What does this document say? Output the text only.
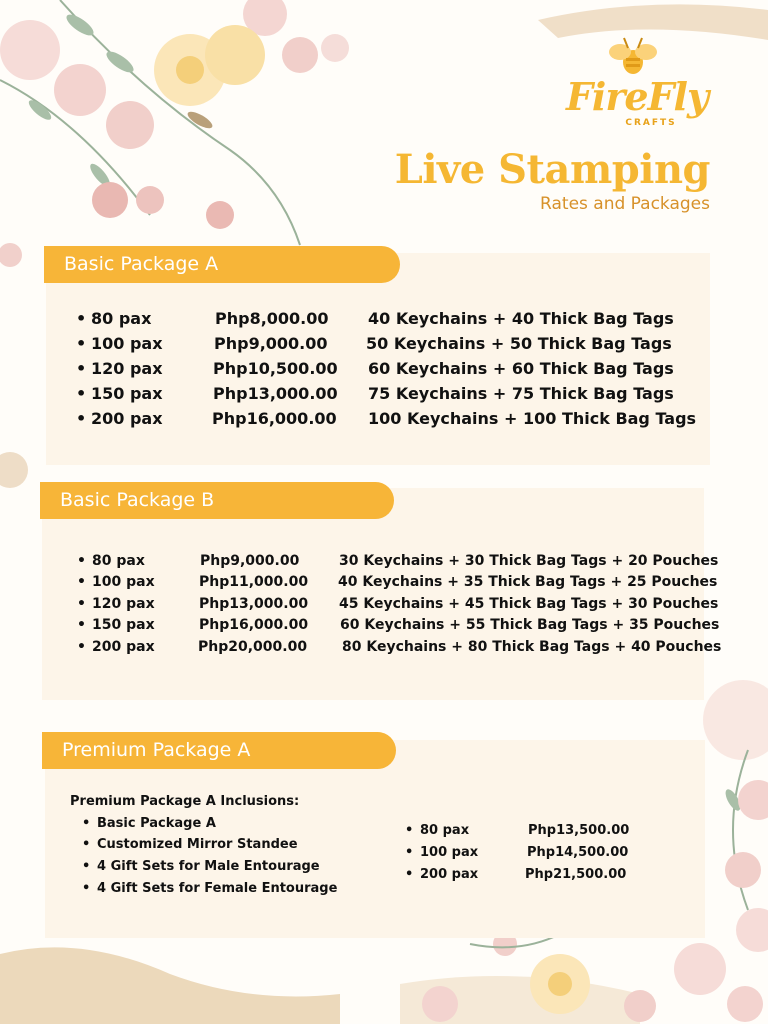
FireFly
CRAFTS
Live Stamping
Rates and Packages
• 80 pax	Php8,000.00 40 Keychains + 40 Thick Bag Tags
• 100 pax	Php9,000.00 50 Keychains + 50 Thick Bag Tags
• 120 pax	Php10,500.00 60 Keychains + 60 Thick Bag Tags
• 150 pax	Php13,000.00 75 Keychains + 75 Thick Bag Tags
• 200 pax	Php16,000.00 100 Keychains + 100 Thick Bag Tags
Basic Package A
• 80 pax	Php9,000.00	30 Keychains + 30 Thick Bag Tags + 20 Pouches
• 100 pax	Php11,000.00 40 Keychains + 35 Thick Bag Tags + 25 Pouches
• 120 pax	Php13,000.00 45 Keychains + 45 Thick Bag Tags + 30 Pouches
• 150 pax	Php16,000.00 60 Keychains + 55 Thick Bag Tags + 35 Pouches
• 200 pax	Php20,000.00 80 Keychains + 80 Thick Bag Tags + 40 Pouches
Basic Package B
Premium Package A Inclusions:
• Basic Package A
• Customized Mirror Standee
• 4 Gift Sets for Male Entourage
• 4 Gift Sets for Female Entourage
• 80 pax	Php13,500.00
• 100 pax	Php14,500.00
• 200 pax	Php21,500.00
Premium Package A
